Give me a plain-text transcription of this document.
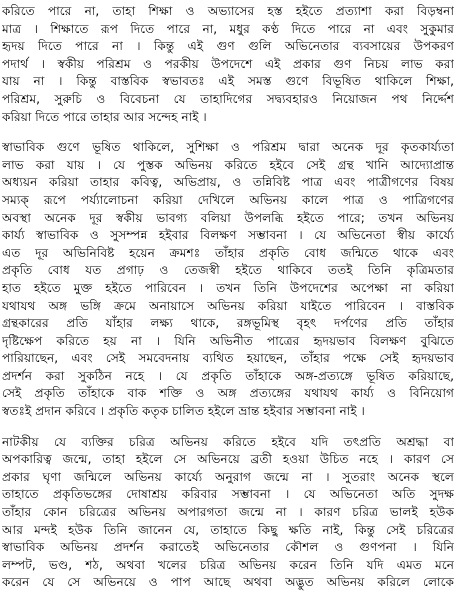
করিতে পারে না, তাহা শিক্ষা ও অভ্যাসের হস্ত হইতে প্রত্যাশা করা বিড়ম্বনা
মাত্র । শিক্ষাতে রূপ দিতে পারে না, মধুর কণ্ঠ দিতে পারে না এবং সুকুমার
হৃদয় দিতে পারে না । কিন্তু এই গুণ গুলি অভিনেতার ব্যবসায়ের উপকরণ
পদার্থ । স্বকীয় পরিশ্রম ও পরকীয় উপদেশে এই প্রকার গুণ নিচয় লাভ করা
যায় না । কিন্তু বাস্তবিক স্বভাবতঃ এই সমস্ত গুণে বিভূষিত থাকিলে শিক্ষা,
পরিশ্রম, সুরুচি ও বিবেচনা যে তাহাদিগের সদ্ব্যবহারও নিয়োজন পথ নির্দ্দেশ
করিয়া দিতে পারে তাহার আর সন্দেহ নাই ।
স্বাভাবিক গুণে ভূষিত থাকিলে, সুশিক্ষা ও পরিশ্রম দ্বারা অনেক দূর কৃতকার্য্যতা
লাভ করা যায় । যে পুস্তক অভিনয় করিতে হইবে সেই গ্রন্থ খানি আদ্যোপ্রান্ত
অধ্যয়ন করিয়া তাহার কবিত্ব, অভিপ্রায়, ও তন্নিবিষ্ট পাত্র এবং পাত্রীগণের বিষয়
সম্যক্ রূপে পর্য্যালোচনা করিয়া দেখিলে অভিনয় কালে পাত্র ও পাত্রিগণের
অবস্থা অনেক দূর স্বকীয় ভাবগ্য বলিয়া উপলব্ধি হইতে পারে; তখন অভিনয়
কার্য্য স্বাভাবিক ও সুসম্পন্ন হইবার বিলক্ষণ সম্ভাবনা । যে অভিনেতা স্বীয় কার্য্যে
এত দূর অভিনিবিষ্ট হয়েন ক্রমশঃ তাঁহার প্রকৃতি বোধ জন্মিতে থাকে এবং
প্রকৃতি বোধ যত প্রগাঢ় ও তেজস্বী হইতে থাকিবে ততই তিনি কৃত্রিমতার
হাত হইতে মুক্ত হইতে পারিবেন । তখন তিনি উপদেশের অপেক্ষা না করিয়া
যথাযথ অঙ্গ ভঙ্গি ক্রমে অনায়াসে অভিনয় করিয়া যাইতে পারিবেন । বাস্তবিক
গ্রন্থকারের প্রতি যাঁহার লক্ষ্য থাকে, রঙ্গভূমিস্থ বৃহৎ দর্পণের প্রতি তাঁহার
দৃষ্টিক্ষেপ করিতে হয় না । যিনি অভিনীত পাত্রের হৃদয়ভাব বিলক্ষণ বুঝিতে
পারিয়াছেন, এবং সেই সমবেদনায় ব্যথিত হয়াছেন, তাঁহার পক্ষে সেই হৃদয়ভাব
প্রদর্শন করা সুকঠিন নহে । যে প্রকৃতি তাঁহাকে অঙ্গ-প্রত্যঙ্গে ভূষিত করিয়াছে,
সেই প্রকৃতি তাঁহাকে বাক শক্তি ও অঙ্গ প্রত্যঙ্গের যথাযথ কার্য্য ও বিনিয়োগ
স্বতঃই প্রদান করিবে । প্রকৃতি কতৃক চালিত হইলে ভ্রান্ত হইবার সম্ভাবনা নাই ।
নাটকীয় যে ব্যক্তির চরিত্র অভিনয় করিতে হইবে যদি তৎপ্রতি অশ্রদ্ধা বা
অপকারিত্ব জন্মে, তাহা হইলে সে অভিনয়ে ব্রতী হওয়া উচিত নহে । কারণ সে
প্রকার ঘৃণা জন্মিলে অভিনয় কার্য্যে অনুরাগ জন্মে না । সুতরাং অনেক স্থলে
তাহাতে প্রকৃতিভঙ্গের দোষাশ্রয় করিবার সম্ভাবনা । যে অভিনেতা অতি সুদক্ষ
তাঁহার কোন চরিত্রের অভিনয় অপারগতা জন্মে না । কারণ চরিত্র ভালই হউক
আর মন্দই হউক তিনি জানেন যে, তাহাতে কিছু ক্ষতি নাই, কিন্তু সেই চরিত্রের
স্বাভাবিক অভিনয় প্রদর্শন করাতেই অভিনেতার কৌশল ও গুণপনা । যিনি
লম্পট, ভণ্ড, শঠ, অথবা খলের চরিত্র অভিনয় করেন তিনি যদি এমত মনে
করেন যে সে অভিনয়ে ও পাপ আছে অথবা অদ্ভুত অভিনয় করিলে লোকে
